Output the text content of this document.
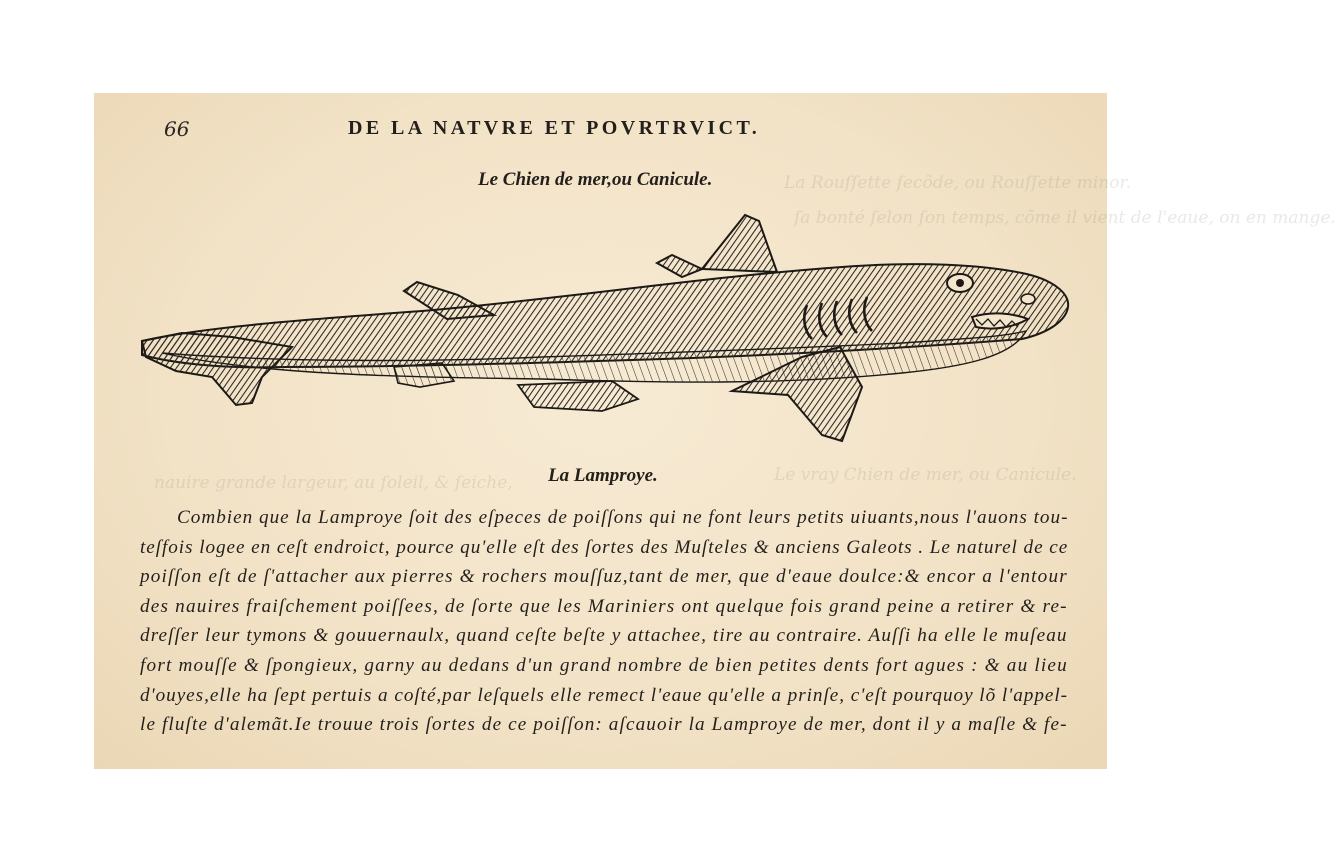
La Rouſſette ſecõde, ou Rouſſette minor.
ſa bonté ſelon ſon temps, cõme il vient de l'eaue, on en mange.
nauire grande largeur, au ſoleil, & ſeiche,	Le vray Chien de mer, ou Canicule.
66	DE LA NATVRE ET POVRTRVICT.
Le Chien de mer,ou Canicule.
La Lamproye.
Combien que la Lamproye ſoit des eſpeces de poiſſons qui ne font leurs petits uiuants,nous l'auons tou-
teſfois logee en ceſt endroict, pource qu'elle eſt des ſortes des Muſteles & anciens Galeots . Le naturel de ce
poiſſon eſt de ſ'attacher aux pierres & rochers mouſſuz,tant de mer, que d'eaue doulce:& encor a l'entour
des nauires fraiſchement poiſſees, de ſorte que les Mariniers ont quelque fois grand peine a retirer & re-
dreſſer leur tymons & gouuernaulx, quand ceſte beſte y attachee, tire au contraire. Auſſi ha elle le muſeau
fort mouſſe & ſpongieux, garny au dedans d'un grand nombre de bien petites dents fort agues : & au lieu
d'ouyes,elle ha ſept pertuis a coſté,par leſquels elle remect l'eaue qu'elle a prinſe, c'eſt pourquoy lõ l'appel-
le fluſte d'alemãt.Ie trouue trois ſortes de ce poiſſon: aſcauoir la Lamproye de mer, dont il y a maſle & fe-
